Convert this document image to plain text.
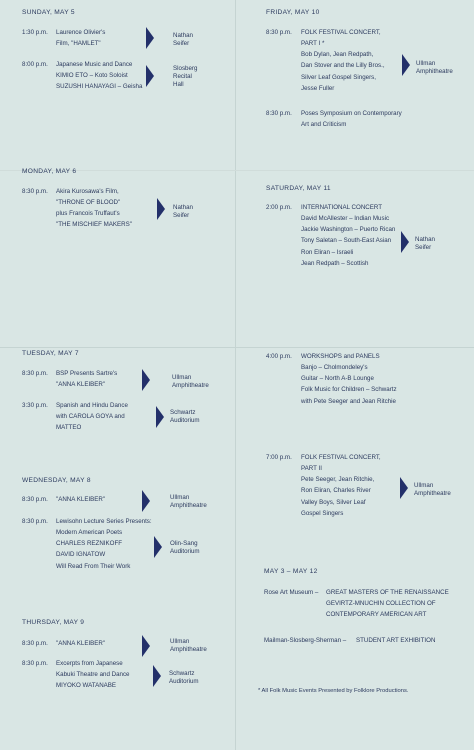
SUNDAY, MAY 5
1:30 p.m. Laurence Olivier's
Film, "HAMLET"
Nathan
Seifer
8:00 p.m. Japanese Music and Dance
KIMIO ETO – Koto Soloist
SUZUSHI HANAYAGI – Geisha
Slosberg
Recital
Hall
MONDAY, MAY 6
8:30 p.m. Akira Kurosawa's Film,
"THRONE OF BLOOD"
plus Francois Truffaut's
"THE MISCHIEF MAKERS"
Nathan
Seifer
TUESDAY, MAY 7
8:30 p.m. BSP Presents Sartre's
"ANNA KLEIBER"
Ullman
Amphitheatre
3:30 p.m. Spanish and Hindu Dance
with CAROLA GOYA and
MATTEO
Schwartz
Auditorium
WEDNESDAY, MAY 8
8:30 p.m. "ANNA KLEIBER"	Ullman
Amphitheatre
8:30 p.m. Lewisohn Lecture Series Presents:
Modern American Poets
CHARLES REZNIKOFF
DAVID IGNATOW
Will Read From Their Work
Olin-Sang
Auditorium
THURSDAY, MAY 9
8:30 p.m. "ANNA KLEIBER"	Ullman
Amphitheatre
8:30 p.m. Excerpts from Japanese
Kabuki Theatre and Dance
MIYOKO WATANABE
Schwartz
Auditorium
FRIDAY, MAY 10
8:30 p.m. FOLK FESTIVAL CONCERT,
PART I *
Bob Dylan, Jean Redpath,
Dan Stover and the Lilly Bros.,
Silver Leaf Gospel Singers,
Jesse Fuller
Ullman
Amphitheatre
8:30 p.m. Poses Symposium on Contemporary
Art and Criticism
SATURDAY, MAY 11
2:00 p.m. INTERNATIONAL CONCERT
David McAllester – Indian Music
Jackie Washington – Puerto Rican
Tony Saletan – South-East Asian
Ron Eliran – Israeli
Jean Redpath – Scottish
Nathan
Seifer
4:00 p.m. WORKSHOPS and PANELS
Banjo – Cholmondeley's
Guitar – North A-B Lounge
Folk Music for Children – Schwartz
with Pete Seeger and Jean Ritchie
7:00 p.m. FOLK FESTIVAL CONCERT,
PART II
Pete Seeger, Jean Ritchie,
Ron Eliran, Charles River
Valley Boys, Silver Leaf
Gospel Singers
Ullman
Amphitheatre
MAY 3 – MAY 12
Rose Art Museum – GREAT MASTERS OF THE RENAISSANCE
GEVIRTZ-MNUCHIN COLLECTION OF
CONTEMPORARY AMERICAN ART
Mailman-Slosberg-Sherman – STUDENT ART EXHIBITION
* All Folk Music Events Presented by Folklore Productions.
